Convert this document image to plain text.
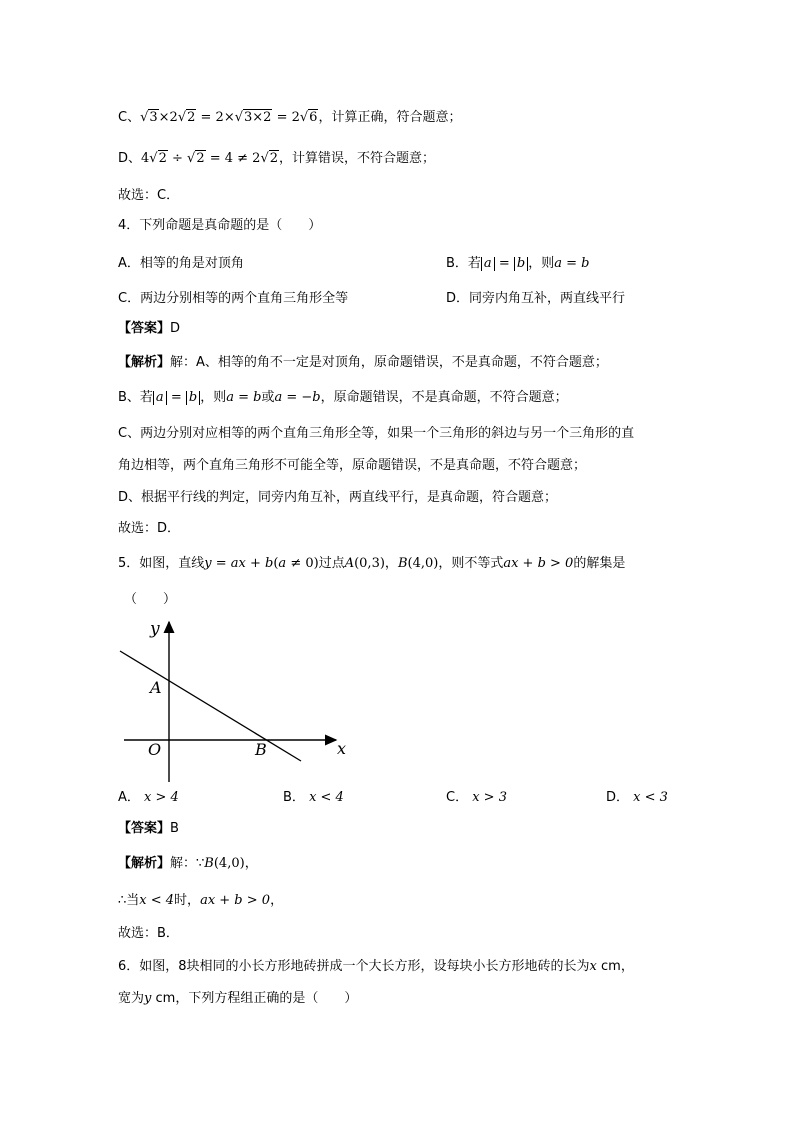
C、√3×2√2 = 2×√3×2 = 2√6，计算正确，符合题意；
D、4√2 ÷ √2 = 4 ≠ 2√2，计算错误，不符合题意；
故选：C．
4．下列命题是真命题的是（　　）
A．相等的角是对顶角	B．若 a = b ，则a = b
C．两边分别相等的两个直角三角形全等	D．同旁内角互补，两直线平行
【答案】D
【解析】解：A、相等的角不一定是对顶角，原命题错误，不是真命题，不符合题意；
B、若 a = b ，则a = b或a = −b，原命题错误，不是真命题，不符合题意；
C、两边分别对应相等的两个直角三角形全等，如果一个三角形的斜边与另一个三角形的直
角边相等，两个直角三角形不可能全等，原命题错误，不是真命题，不符合题意；
D、根据平行线的判定，同旁内角互补，两直线平行，是真命题，符合题意；
故选：D．
5．如图，直线y = ax + b(a ≠ 0)过点A(0,3)，B(4,0)，则不等式ax + b > 0的解集是
（　　）
y
x
O
A
B
A． x > 4	B． x < 4	C． x > 3	D． x < 3
【答案】B
【解析】解：∵B(4,0)，
∴当x < 4时，ax + b > 0，
故选：B．
6．如图，8块相同的小长方形地砖拼成一个大长方形，设每块小长方形地砖的长为x cm，
宽为y cm，下列方程组正确的是（　　）
